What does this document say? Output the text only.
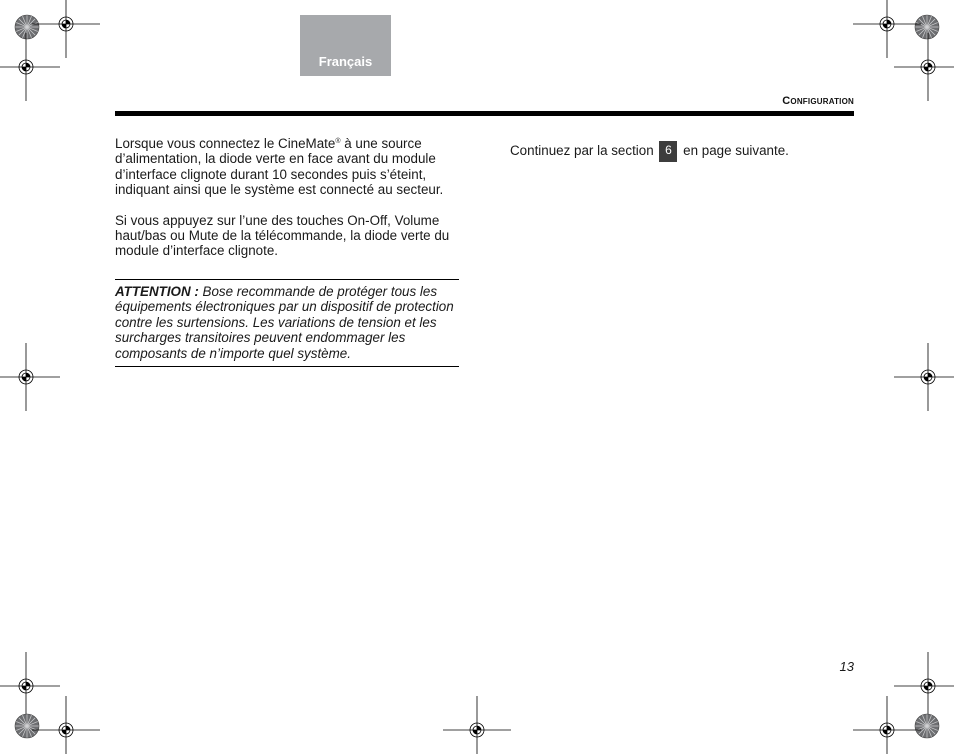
Français
Configuration

Lorsque vous connectez le CineMate® à une source d’alimentation, la diode verte en face avant du module d’interface clignote durant 10 secondes puis s’éteint, indiquant ainsi que le système est connecté au secteur.

Si vous appuyez sur l’une des touches On-Off, Volume haut/bas ou Mute de la télécommande, la diode verte du module d’interface clignote.

ATTENTION : Bose recommande de protéger tous les équipements électroniques par un dispositif de protection contre les surtensions. Les variations de tension et les surcharges transitoires peuvent endommager les composants de n’importe quel système.
Continuez par la section 6 en page suivante.
13
